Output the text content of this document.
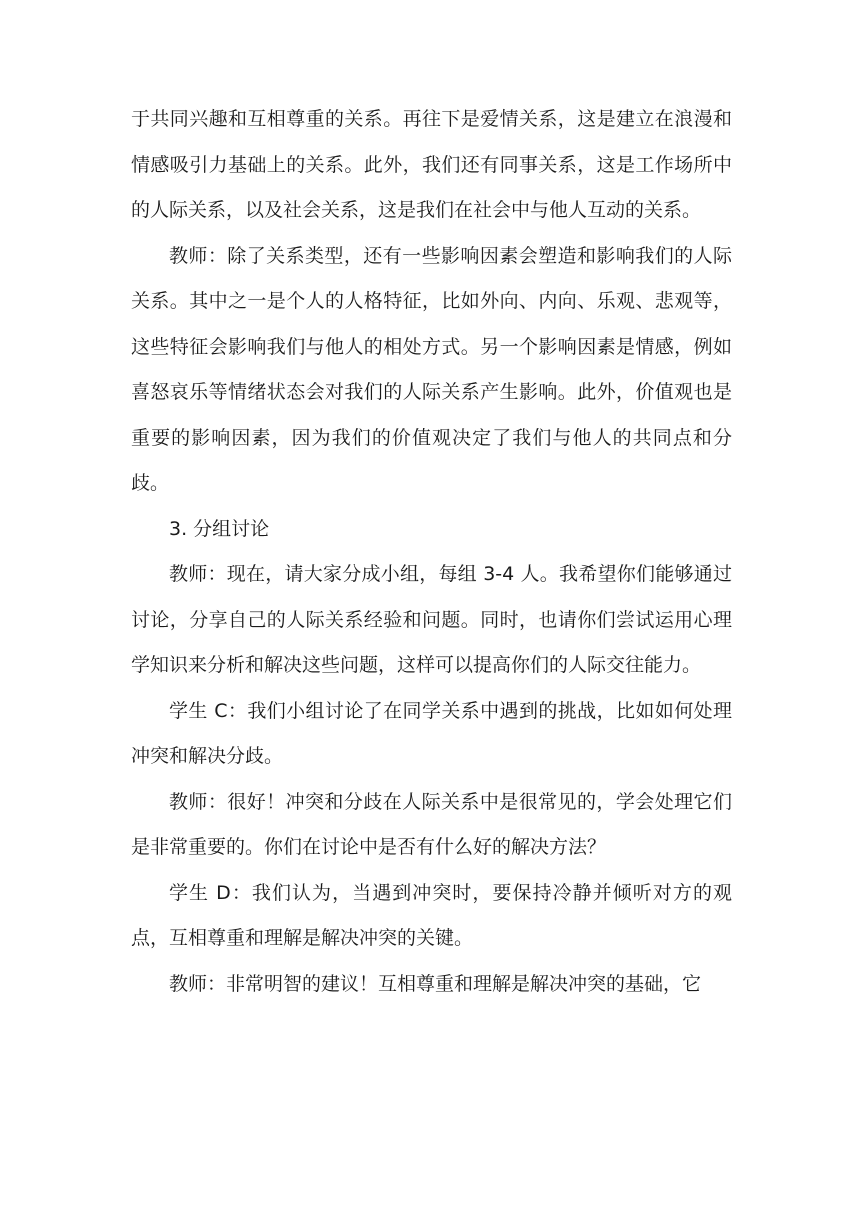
于共同兴趣和互相尊重的关系。再往下是爱情关系，这是建立在浪漫和情感吸引力基础上的关系。此外，我们还有同事关系，这是工作场所中的人际关系，以及社会关系，这是我们在社会中与他人互动的关系。

教师：除了关系类型，还有一些影响因素会塑造和影响我们的人际关系。其中之一是个人的人格特征，比如外向、内向、乐观、悲观等，这些特征会影响我们与他人的相处方式。另一个影响因素是情感，例如喜怒哀乐等情绪状态会对我们的人际关系产生影响。此外，价值观也是重要的影响因素，因为我们的价值观决定了我们与他人的共同点和分歧。

3. 分组讨论

教师：现在，请大家分成小组，每组 3-4 人。我希望你们能够通过讨论，分享自己的人际关系经验和问题。同时，也请你们尝试运用心理学知识来分析和解决这些问题，这样可以提高你们的人际交往能力。

学生 C：我们小组讨论了在同学关系中遇到的挑战，比如如何处理冲突和解决分歧。

教师：很好！冲突和分歧在人际关系中是很常见的，学会处理它们是非常重要的。你们在讨论中是否有什么好的解决方法？

学生 D：我们认为，当遇到冲突时，要保持冷静并倾听对方的观点，互相尊重和理解是解决冲突的关键。

教师：非常明智的建议！互相尊重和理解是解决冲突的基础，它
